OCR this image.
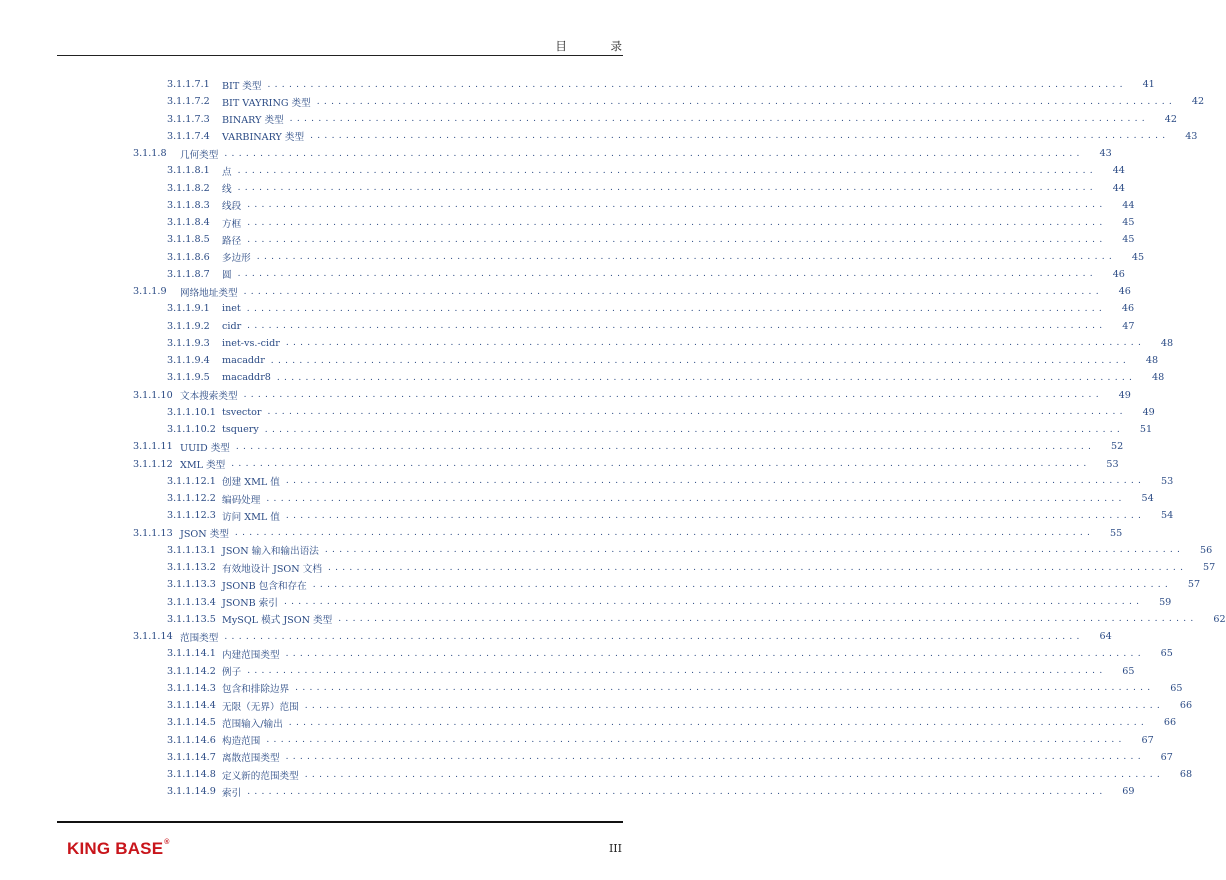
目 录
3.1.1.7.1	BIT 类型 ........................................................................................................................	41
3.1.1.7.2	BIT VAYRING 类型 ........................................................................................................................	42
3.1.1.7.3	BINARY 类型 ........................................................................................................................	42
3.1.1.7.4	VARBINARY 类型 ........................................................................................................................	43
3.1.1.8	几何类型 ........................................................................................................................	43
3.1.1.8.1	点 ........................................................................................................................	44
3.1.1.8.2	线 ........................................................................................................................	44
3.1.1.8.3	线段 ........................................................................................................................	44
3.1.1.8.4	方框 ........................................................................................................................	45
3.1.1.8.5	路径 ........................................................................................................................	45
3.1.1.8.6	多边形 ........................................................................................................................	45
3.1.1.8.7	圆 ........................................................................................................................	46
3.1.1.9	网络地址类型 ........................................................................................................................	46
3.1.1.9.1	inet ........................................................................................................................	46
3.1.1.9.2	cidr ........................................................................................................................	47
3.1.1.9.3	inet-vs.-cidr ........................................................................................................................	48
3.1.1.9.4	macaddr ........................................................................................................................	48
3.1.1.9.5	macaddr8 ........................................................................................................................	48
3.1.1.10 文本搜索类型 ........................................................................................................................	49
3.1.1.10.1 tsvector ........................................................................................................................	49
3.1.1.10.2 tsquery ........................................................................................................................	51
3.1.1.11 UUID 类型 ........................................................................................................................	52
3.1.1.12 XML 类型 ........................................................................................................................	53
3.1.1.12.1 创建 XML 值 ........................................................................................................................	53
3.1.1.12.2 编码处理 ........................................................................................................................	54
3.1.1.12.3 访问 XML 值 ........................................................................................................................	54
3.1.1.13 JSON 类型 ........................................................................................................................	55
3.1.1.13.1 JSON 输入和输出语法 ........................................................................................................................	56
3.1.1.13.2 有效地设计 JSON 文档 ........................................................................................................................	57
3.1.1.13.3 JSONB 包含和存在 ........................................................................................................................	57
3.1.1.13.4 JSONB 索引 ........................................................................................................................	59
3.1.1.13.5 MySQL 模式 JSON 类型 ........................................................................................................................	62
3.1.1.14 范围类型 ........................................................................................................................	64
3.1.1.14.1 内建范围类型 ........................................................................................................................	65
3.1.1.14.2 例子 ........................................................................................................................	65
3.1.1.14.3 包含和排除边界 ........................................................................................................................	65
3.1.1.14.4 无限（无界）范围 ........................................................................................................................	66
3.1.1.14.5 范围输入/输出 ........................................................................................................................	66
3.1.1.14.6 构造范围 ........................................................................................................................	67
3.1.1.14.7 离散范围类型 ........................................................................................................................	67
3.1.1.14.8 定义新的范围类型 ........................................................................................................................	68
3.1.1.14.9 索引 ........................................................................................................................	69
KING BASE®	III
